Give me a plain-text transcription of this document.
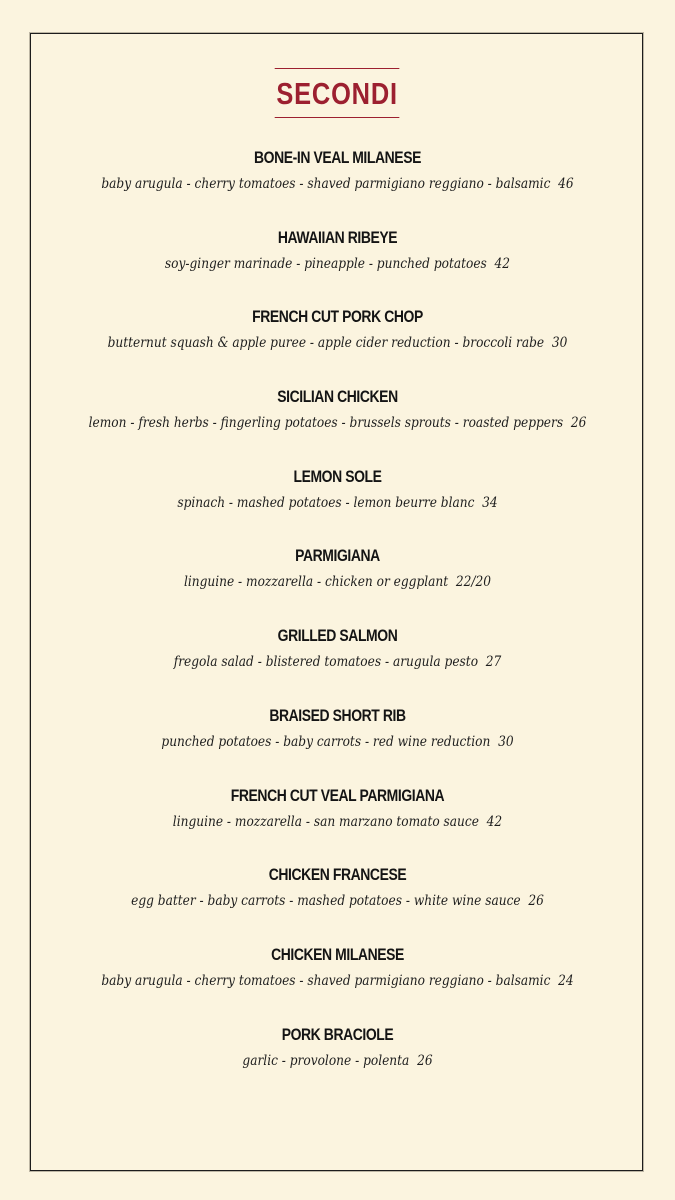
SECONDI
BONE-IN VEAL MILANESE
baby arugula - cherry tomatoes - shaved parmigiano reggiano - balsamic 46
HAWAIIAN RIBEYE
soy-ginger marinade - pineapple - punched potatoes 42
FRENCH CUT PORK CHOP
butternut squash & apple puree - apple cider reduction - broccoli rabe 30
SICILIAN CHICKEN
lemon - fresh herbs - fingerling potatoes - brussels sprouts - roasted peppers 26
LEMON SOLE
spinach - mashed potatoes - lemon beurre blanc 34
PARMIGIANA
linguine - mozzarella - chicken or eggplant 22/20
GRILLED SALMON
fregola salad - blistered tomatoes - arugula pesto 27
BRAISED SHORT RIB
punched potatoes - baby carrots - red wine reduction 30
FRENCH CUT VEAL PARMIGIANA
linguine - mozzarella - san marzano tomato sauce 42
CHICKEN FRANCESE
egg batter - baby carrots - mashed potatoes - white wine sauce 26
CHICKEN MILANESE
baby arugula - cherry tomatoes - shaved parmigiano reggiano - balsamic 24
PORK BRACIOLE
garlic - provolone - polenta 26
